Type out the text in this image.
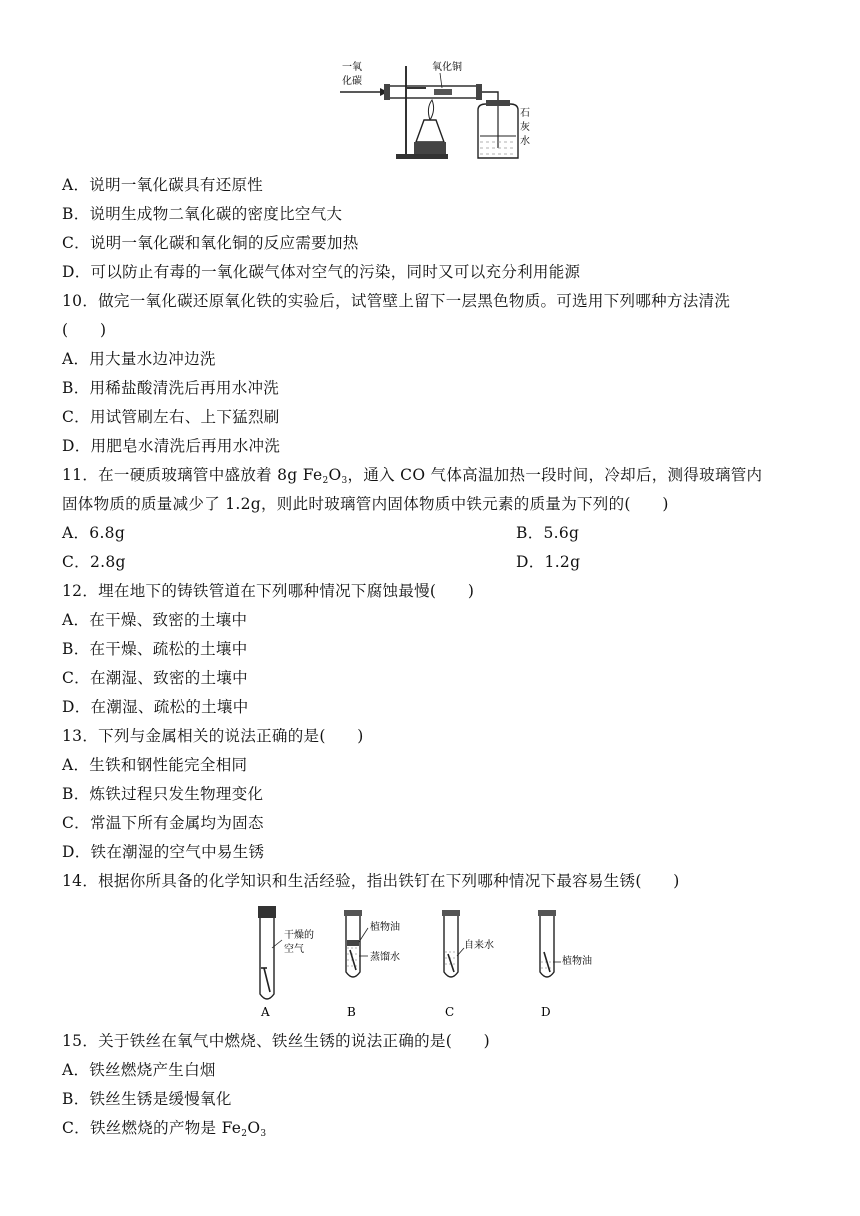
一氧
化碳
氧化铜
石
灰
水
A．说明一氧化碳具有还原性
B．说明生成物二氧化碳的密度比空气大
C．说明一氧化碳和氧化铜的反应需要加热
D．可以防止有毒的一氧化碳气体对空气的污染，同时又可以充分利用能源
10．做完一氧化碳还原氧化铁的实验后，试管壁上留下一层黑色物质。可选用下列哪种方法清洗
(　　)
A．用大量水边冲边洗
B．用稀盐酸清洗后再用水冲洗
C．用试管刷左右、上下猛烈刷
D．用肥皂水清洗后再用水冲洗
11．在一硬质玻璃管中盛放着 8g $Fe_2O_3$，通入 CO 气体高温加热一段时间，冷却后，测得玻璃管内
固体物质的质量减少了 1.2g，则此时玻璃管内固体物质中铁元素的质量为下列的(　　)
A．6.8g	B．5.6g
C．2.8g	D．1.2g
12．埋在地下的铸铁管道在下列哪种情况下腐蚀最慢(　　)
A．在干燥、致密的土壤中
B．在干燥、疏松的土壤中
C．在潮湿、致密的土壤中
D．在潮湿、疏松的土壤中
13．下列与金属相关的说法正确的是(　　)
A．生铁和钢性能完全相同
B．炼铁过程只发生物理变化
C．常温下所有金属均为固态
D．铁在潮湿的空气中易生锈
14．根据你所具备的化学知识和生活经验，指出铁钉在下列哪种情况下最容易生锈(　　)
干燥的
空气
A
植物油
蒸馏水
B
自来水
C
植物油
D
15．关于铁丝在氧气中燃烧、铁丝生锈的说法正确的是(　　)
A．铁丝燃烧产生白烟
B．铁丝生锈是缓慢氧化
C．铁丝燃烧的产物是 $Fe_2O_3$
